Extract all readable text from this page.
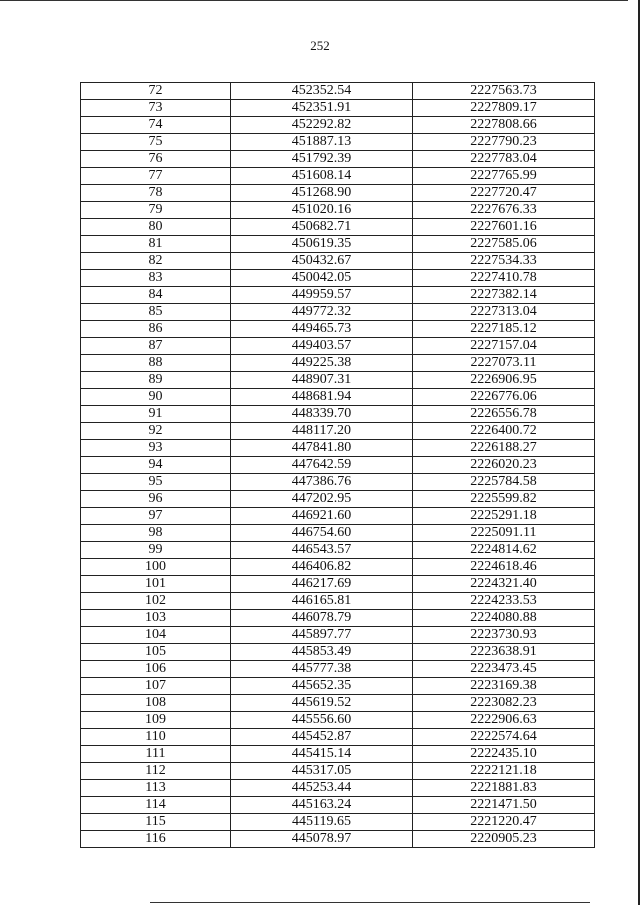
252
72	452352.54	2227563.73
73	452351.91	2227809.17
74	452292.82	2227808.66
75	451887.13	2227790.23
76	451792.39	2227783.04
77	451608.14	2227765.99
78	451268.90	2227720.47
79	451020.16	2227676.33
80	450682.71	2227601.16
81	450619.35	2227585.06
82	450432.67	2227534.33
83	450042.05	2227410.78
84	449959.57	2227382.14
85	449772.32	2227313.04
86	449465.73	2227185.12
87	449403.57	2227157.04
88	449225.38	2227073.11
89	448907.31	2226906.95
90	448681.94	2226776.06
91	448339.70	2226556.78
92	448117.20	2226400.72
93	447841.80	2226188.27
94	447642.59	2226020.23
95	447386.76	2225784.58
96	447202.95	2225599.82
97	446921.60	2225291.18
98	446754.60	2225091.11
99	446543.57	2224814.62
100	446406.82	2224618.46
101	446217.69	2224321.40
102	446165.81	2224233.53
103	446078.79	2224080.88
104	445897.77	2223730.93
105	445853.49	2223638.91
106	445777.38	2223473.45
107	445652.35	2223169.38
108	445619.52	2223082.23
109	445556.60	2222906.63
110	445452.87	2222574.64
111	445415.14	2222435.10
112	445317.05	2222121.18
113	445253.44	2221881.83
114	445163.24	2221471.50
115	445119.65	2221220.47
116	445078.97	2220905.23
